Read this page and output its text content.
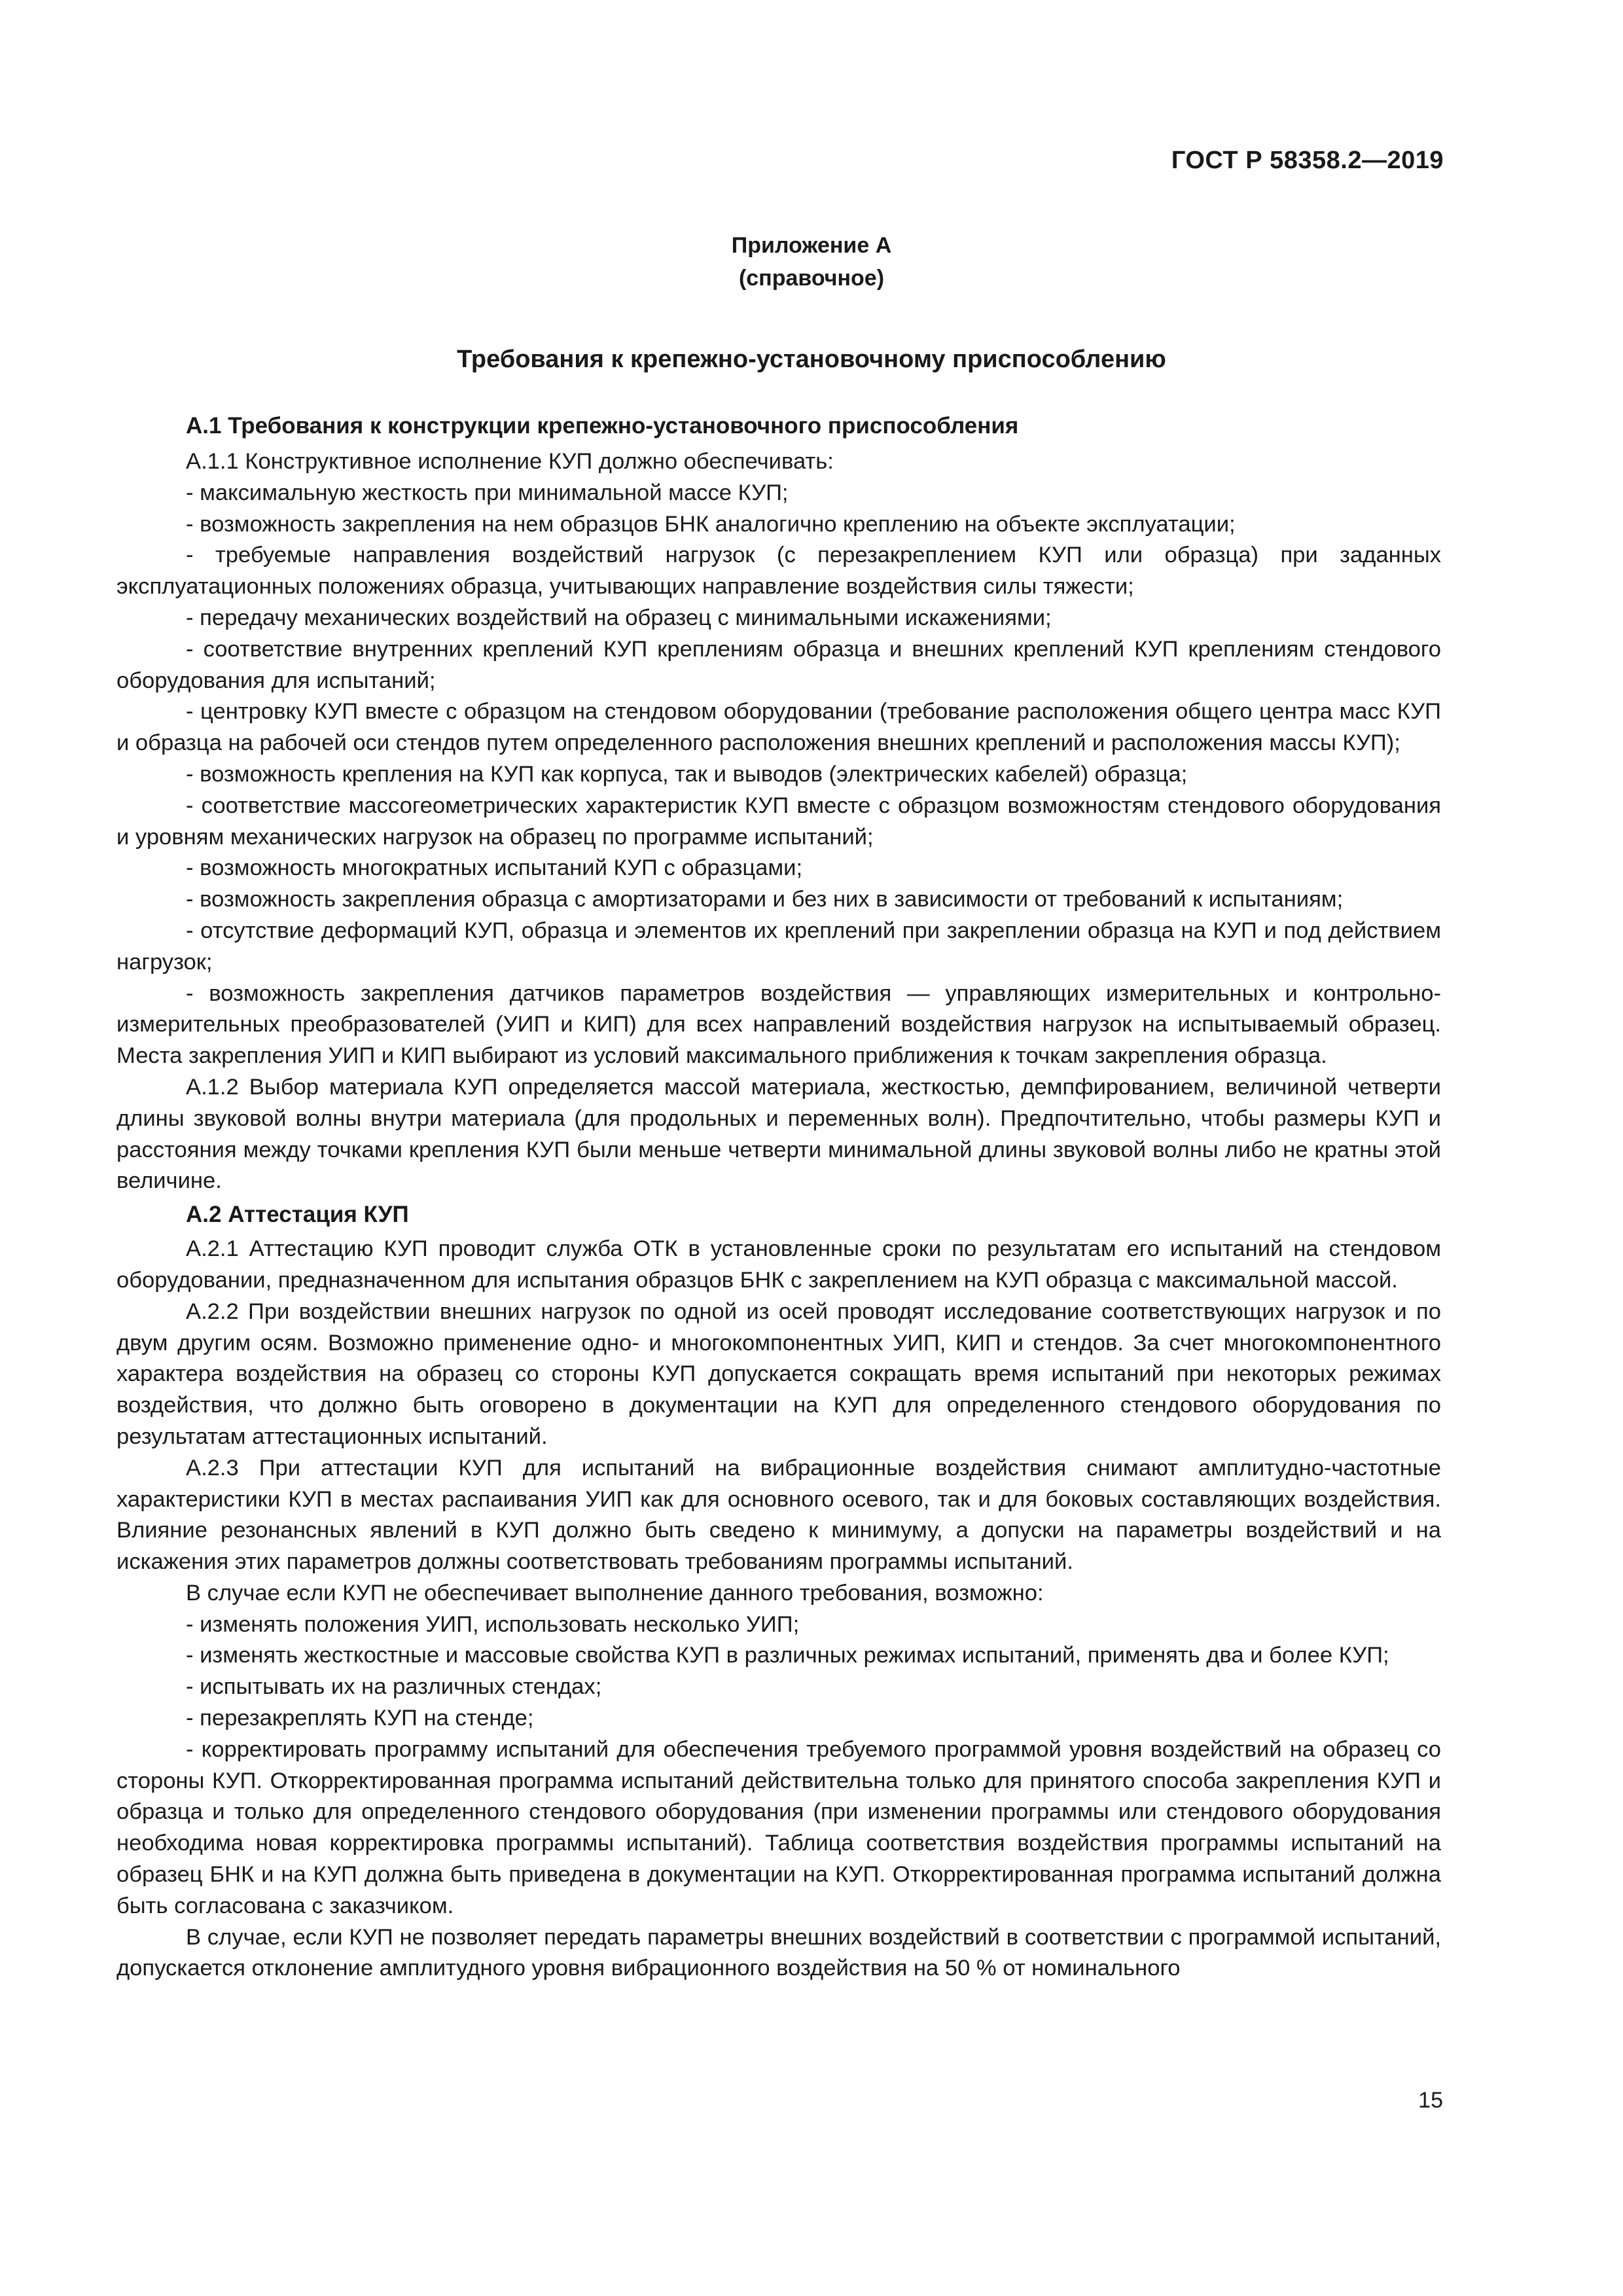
ГОСТ Р 58358.2—2019

Приложение А
(справочное)
Требования к крепежно-установочному приспособлению
А.1 Требования к конструкции крепежно-установочного приспособления

А.1.1 Конструктивное исполнение КУП должно обеспечивать:

- максимальную жесткость при минимальной массе КУП;

- возможность закрепления на нем образцов БНК аналогично креплению на объекте эксплуатации;

- требуемые направления воздействий нагрузок (с перезакреплением КУП или образца) при заданных эксплуатационных положениях образца, учитывающих направление воздействия силы тяжести;

- передачу механических воздействий на образец с минимальными искажениями;

- соответствие внутренних креплений КУП креплениям образца и внешних креплений КУП креплениям стендового оборудования для испытаний;

- центровку КУП вместе с образцом на стендовом оборудовании (требование расположения общего центра масс КУП и образца на рабочей оси стендов путем определенного расположения внешних креплений и расположения массы КУП);

- возможность крепления на КУП как корпуса, так и выводов (электрических кабелей) образца;

- соответствие массогеометрических характеристик КУП вместе с образцом возможностям стендового оборудования и уровням механических нагрузок на образец по программе испытаний;

- возможность многократных испытаний КУП с образцами;

- возможность закрепления образца с амортизаторами и без них в зависимости от требований к испытаниям;

- отсутствие деформаций КУП, образца и элементов их креплений при закреплении образца на КУП и под действием нагрузок;

- возможность закрепления датчиков параметров воздействия — управляющих измерительных и контрольно-измерительных преобразователей (УИП и КИП) для всех направлений воздействия нагрузок на испытываемый образец. Места закрепления УИП и КИП выбирают из условий максимального приближения к точкам закрепления образца.

А.1.2 Выбор материала КУП определяется массой материала, жесткостью, демпфированием, величиной четверти длины звуковой волны внутри материала (для продольных и переменных волн). Предпочтительно, чтобы размеры КУП и расстояния между точками крепления КУП были меньше четверти минимальной длины звуковой волны либо не кратны этой величине.

А.2 Аттестация КУП

А.2.1 Аттестацию КУП проводит служба ОТК в установленные сроки по результатам его испытаний на стендовом оборудовании, предназначенном для испытания образцов БНК с закреплением на КУП образца с максимальной массой.

А.2.2 При воздействии внешних нагрузок по одной из осей проводят исследование соответствующих нагрузок и по двум другим осям. Возможно применение одно- и многокомпонентных УИП, КИП и стендов. За счет многокомпонентного характера воздействия на образец со стороны КУП допускается сокращать время испытаний при некоторых режимах воздействия, что должно быть оговорено в документации на КУП для определенного стендового оборудования по результатам аттестационных испытаний.

А.2.3 При аттестации КУП для испытаний на вибрационные воздействия снимают амплитудно-частотные характеристики КУП в местах распаивания УИП как для основного осевого, так и для боковых составляющих воздействия. Влияние резонансных явлений в КУП должно быть сведено к минимуму, а допуски на параметры воздействий и на искажения этих параметров должны соответствовать требованиям программы испытаний.

В случае если КУП не обеспечивает выполнение данного требования, возможно:

- изменять положения УИП, использовать несколько УИП;

- изменять жесткостные и массовые свойства КУП в различных режимах испытаний, применять два и более КУП;

- испытывать их на различных стендах;

- перезакреплять КУП на стенде;

- корректировать программу испытаний для обеспечения требуемого программой уровня воздействий на образец со стороны КУП. Откорректированная программа испытаний действительна только для принятого способа закрепления КУП и образца и только для определенного стендового оборудования (при изменении программы или стендового оборудования необходима новая корректировка программы испытаний). Таблица соответствия воздействия программы испытаний на образец БНК и на КУП должна быть приведена в документации на КУП. Откорректированная программа испытаний должна быть согласована с заказчиком.

В случае, если КУП не позволяет передать параметры внешних воздействий в соответствии с программой испытаний, допускается отклонение амплитудного уровня вибрационного воздействия на 50 % от номинального

15
